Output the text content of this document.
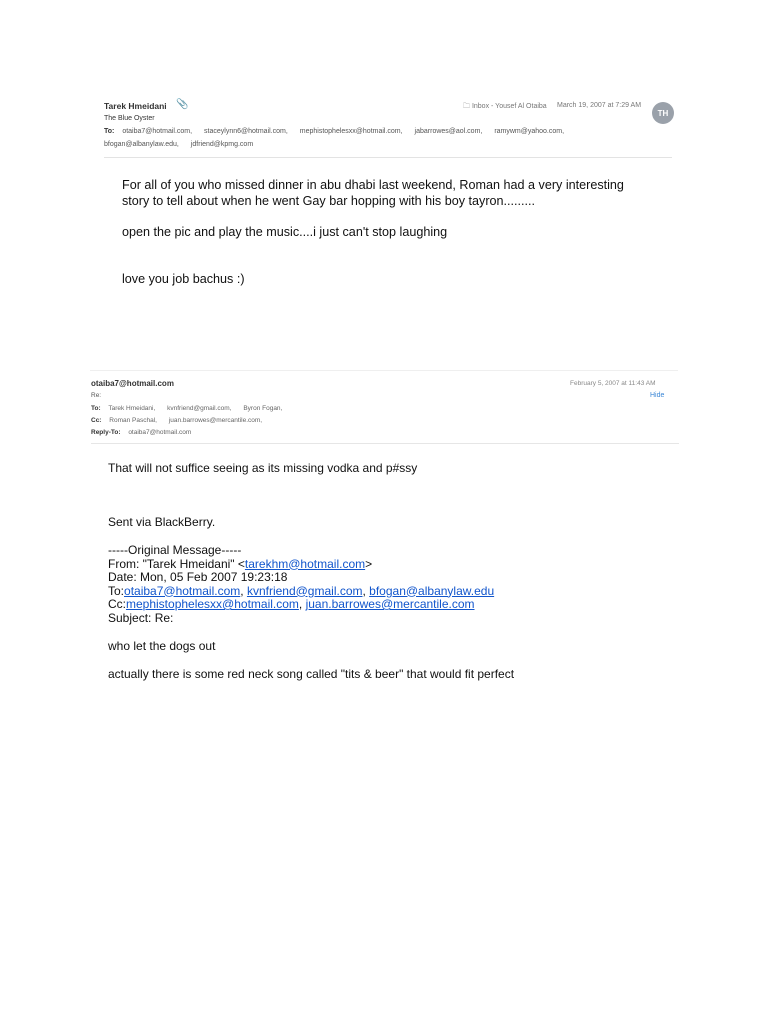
Tarek Hmeidani 📎
The Blue Oyster
To: otaiba7@hotmail.com, staceylynn6@hotmail.com, mephistophelesxx@hotmail.com, jabarrowes@aol.com, ramywm@yahoo.com,
bfogan@albanylaw.edu, jdfriend@kpmg.com
🗀 Inbox - Yousef Al Otaiba March 19, 2007 at 7:29 AM
TH
For all of you who missed dinner in abu dhabi last weekend, Roman had a very interesting
story to tell about when he went Gay bar hopping with his boy tayron.........
open the pic and play the music....i just can't stop laughing
love you job bachus :)
otaiba7@hotmail.com	February 5, 2007 at 11:43 AM
Hide
Re:
To: Tarek Hmeidani, kvnfriend@gmail.com, Byron Fogan,
Cc: Roman Paschal, juan.barrowes@mercantile.com,
Reply-To: otaiba7@hotmail.com
That will not suffice seeing as its missing vodka and p#ssy
Sent via BlackBerry.
-----Original Message-----
From: "Tarek Hmeidani" <tarekhm@hotmail.com>
Date: Mon, 05 Feb 2007 19:23:18
To:otaiba7@hotmail.com, kvnfriend@gmail.com, bfogan@albanylaw.edu
Cc:mephistophelesxx@hotmail.com, juan.barrowes@mercantile.com
Subject: Re:
who let the dogs out
actually there is some red neck song called "tits & beer" that would fit perfect
